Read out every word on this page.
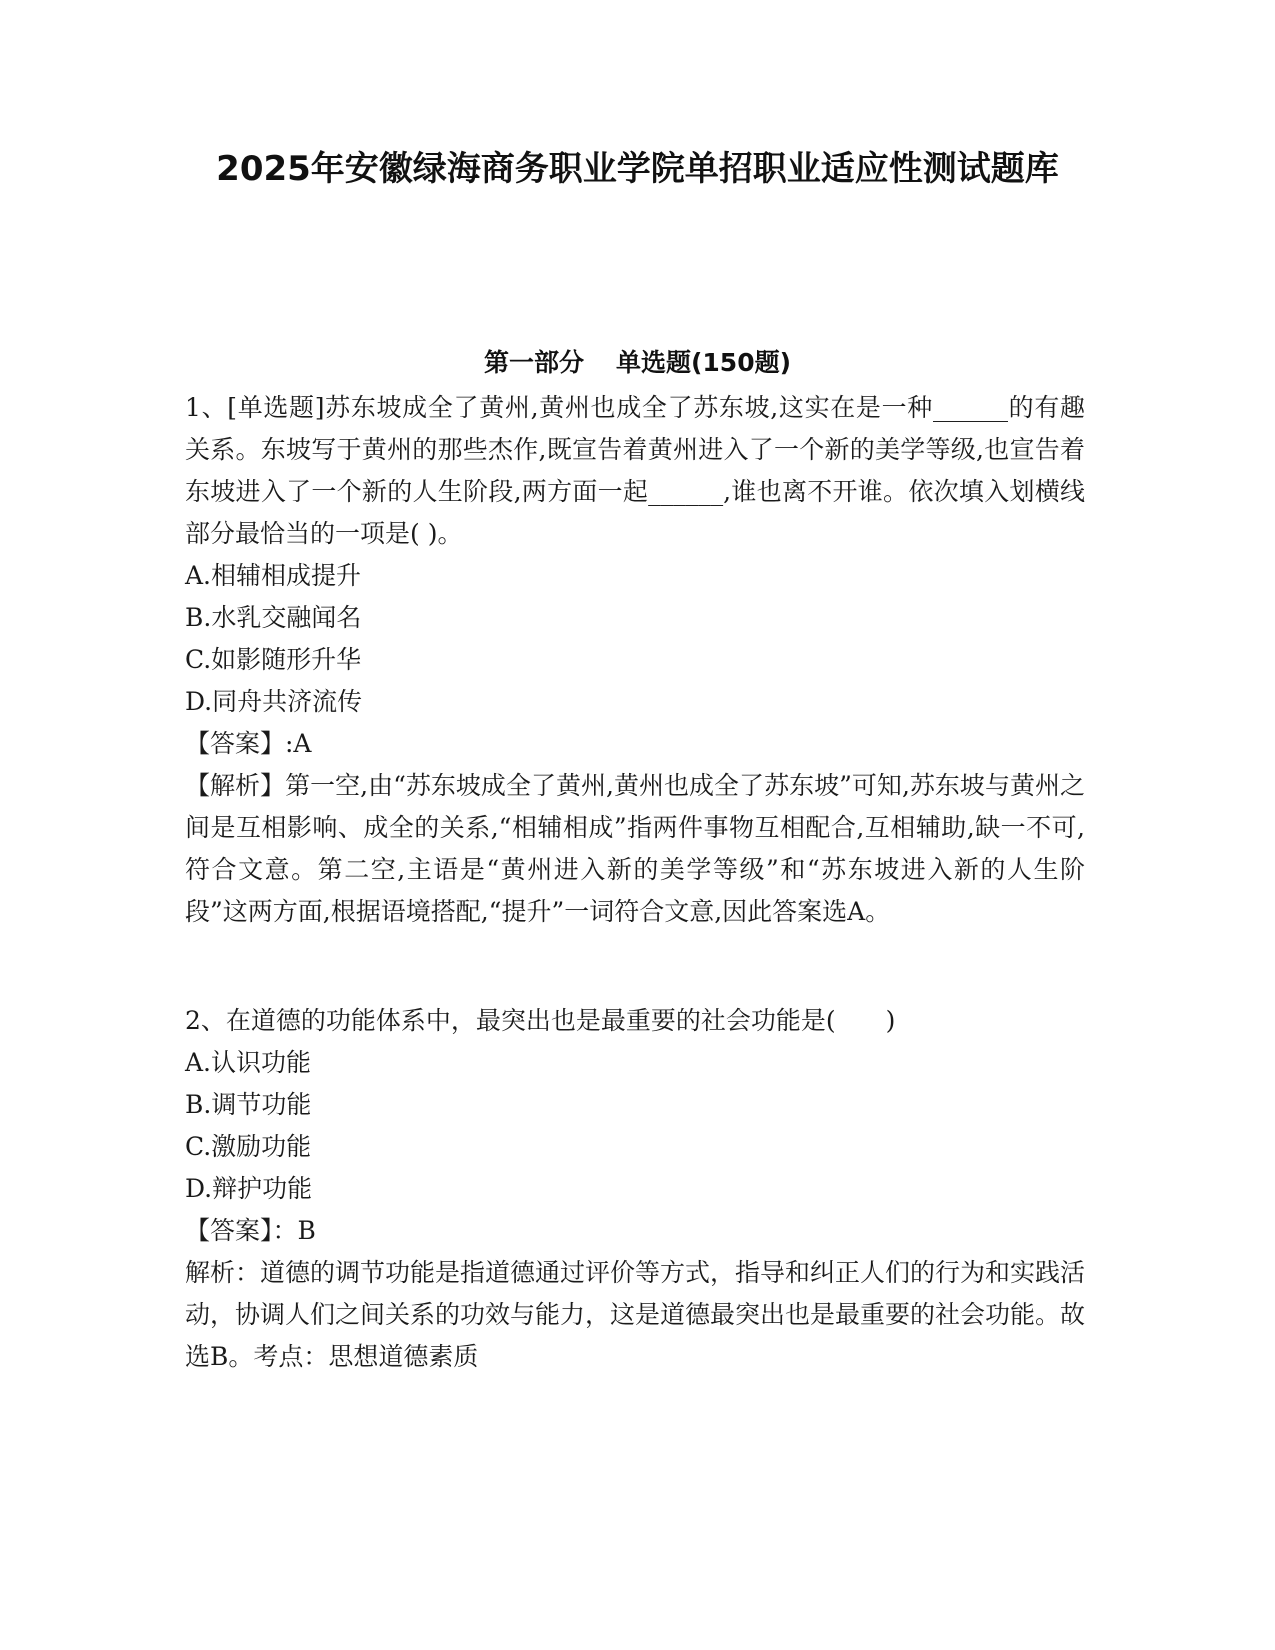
2025年安徽绿海商务职业学院单招职业适应性测试题库
第一部分 单选题(150题)

1、[单选题]苏东坡成全了黄州,黄州也成全了苏东坡,这实在是一种______的有趣关系。东坡写于黄州的那些杰作,既宣告着黄州进入了一个新的美学等级,也宣告着东坡进入了一个新的人生阶段,两方面一起______,谁也离不开谁。依次填入划横线部分最恰当的一项是( )。

A.相辅相成提升

B.水乳交融闻名

C.如影随形升华

D.同舟共济流传

【答案】:A

【解析】第一空,由“苏东坡成全了黄州,黄州也成全了苏东坡”可知,苏东坡与黄州之间是互相影响、成全的关系,“相辅相成”指两件事物互相配合,互相辅助,缺一不可,符合文意。第二空,主语是“黄州进入新的美学等级”和“苏东坡进入新的人生阶段”这两方面,根据语境搭配,“提升”一词符合文意,因此答案选A。

2、在道德的功能体系中，最突出也是最重要的社会功能是(　　)

A.认识功能

B.调节功能

C.激励功能

D.辩护功能

【答案】：B

解析：道德的调节功能是指道德通过评价等方式，指导和纠正人们的行为和实践活动，协调人们之间关系的功效与能力，这是道德最突出也是最重要的社会功能。故选B。考点：思想道德素质
